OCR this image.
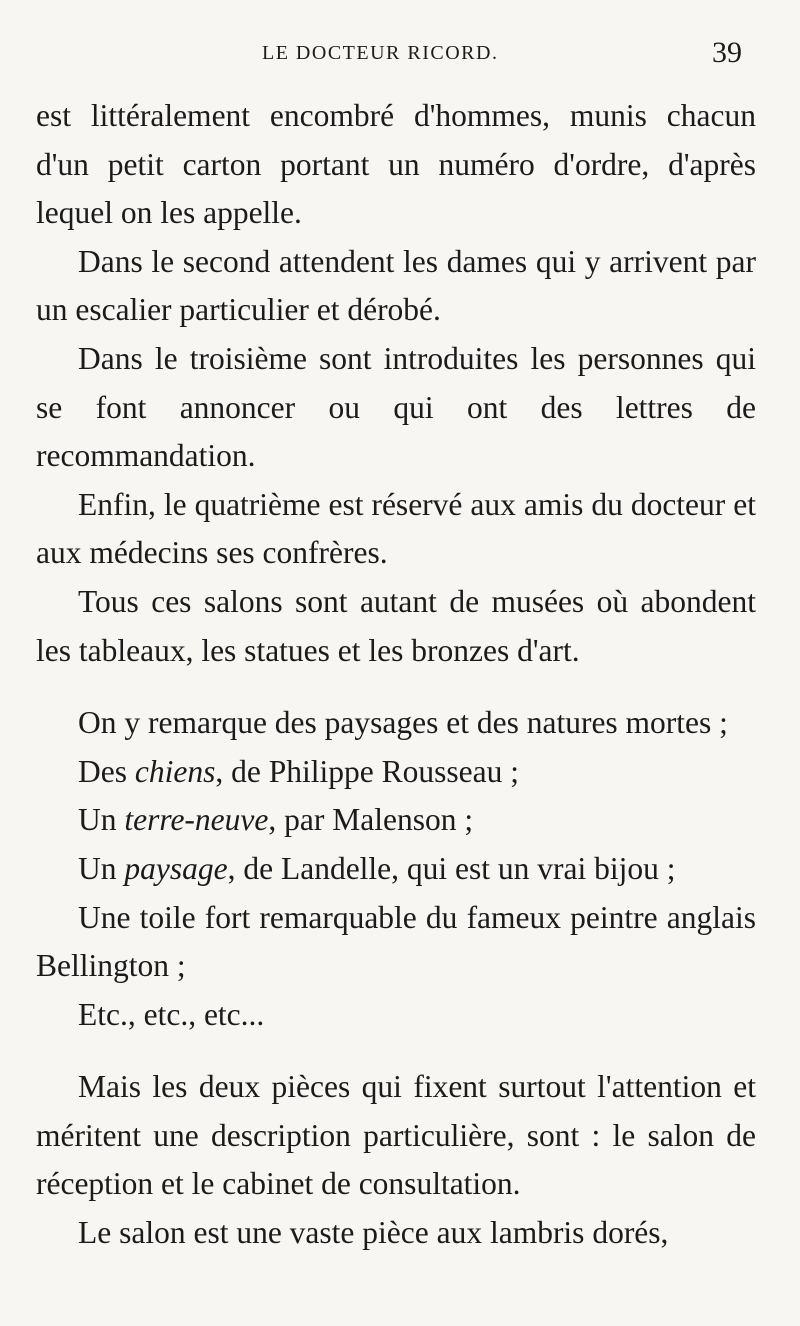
LE DOCTEUR RICORD.	39

est littéralement encombré d'hommes, munis chacun d'un petit carton portant un numéro d'ordre, d'après lequel on les appelle.

Dans le second attendent les dames qui y arrivent par un escalier particulier et dérobé.

Dans le troisième sont introduites les personnes qui se font annoncer ou qui ont des lettres de recommandation.

Enfin, le quatrième est réservé aux amis du docteur et aux médecins ses confrères.

Tous ces salons sont autant de musées où abondent les tableaux, les statues et les bronzes d'art.

On y remarque des paysages et des natures mortes ;

Des chiens, de Philippe Rousseau ;

Un terre-neuve, par Malenson ;

Un paysage, de Landelle, qui est un vrai bijou ;

Une toile fort remarquable du fameux peintre anglais Bellington ;

Etc., etc., etc...

Mais les deux pièces qui fixent surtout l'attention et méritent une description particulière, sont : le salon de réception et le cabinet de consultation.

Le salon est une vaste pièce aux lambris dorés,
